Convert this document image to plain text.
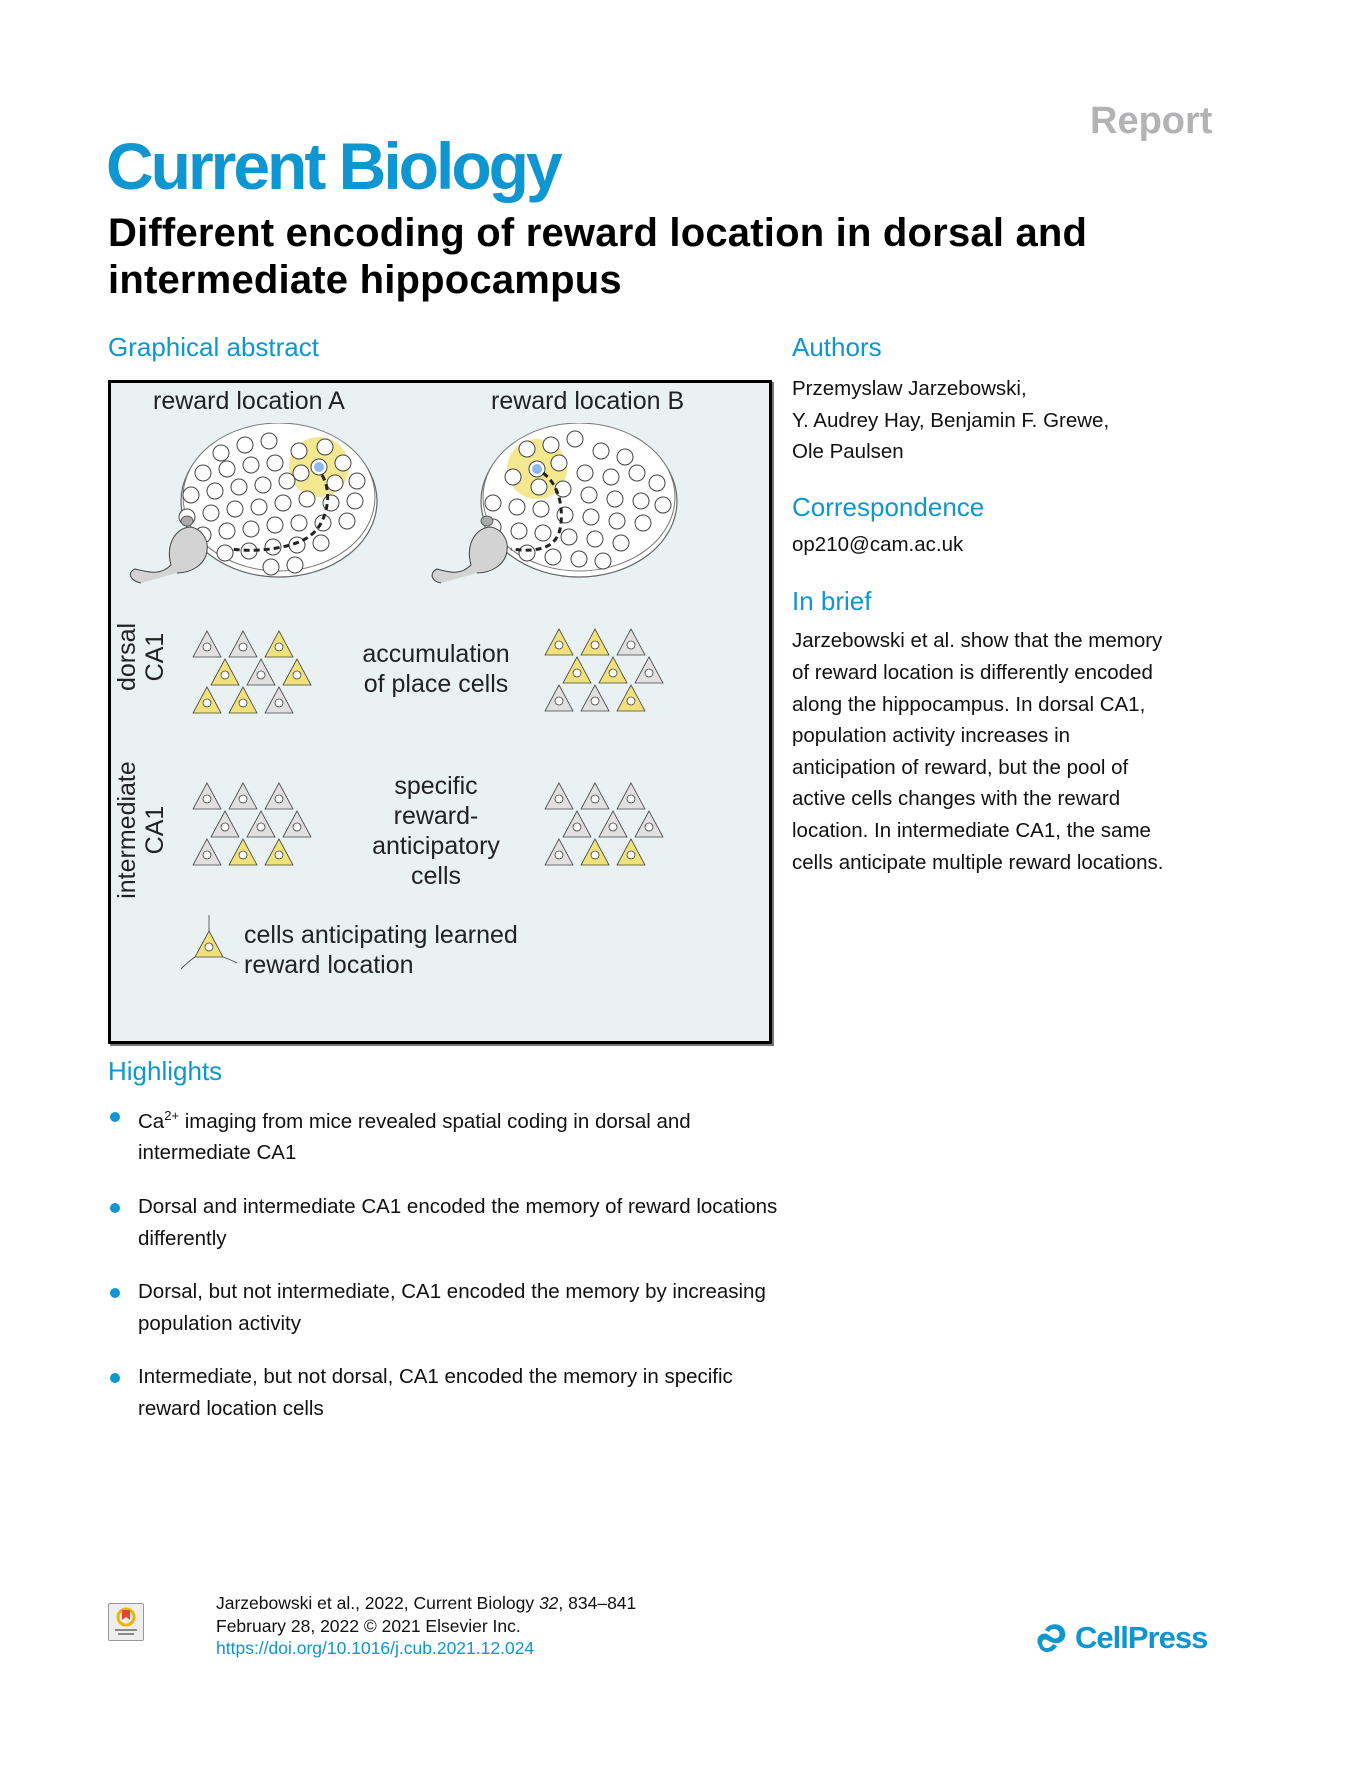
Report
Current Biology
Different encoding of reward location in dorsal and intermediate hippocampus
Graphical abstract
reward location A	reward location B
dorsal CA1
intermediate CA1
accumulation
of place cells
specific
reward-
anticipatory
cells
cells anticipating learned
reward location
Authors
Przemyslaw Jarzebowski,
Y. Audrey Hay, Benjamin F. Grewe,
Ole Paulsen
Correspondence
op210@cam.ac.uk
In brief
Jarzebowski et al. show that the memory
of reward location is differently encoded
along the hippocampus. In dorsal CA1,
population activity increases in
anticipation of reward, but the pool of
active cells changes with the reward
location. In intermediate CA1, the same
cells anticipate multiple reward locations.
Highlights
$Ca^{2+}$ imaging from mice revealed spatial coding in dorsal and intermediate CA1
Dorsal and intermediate CA1 encoded the memory of reward locations differently
Dorsal, but not intermediate, CA1 encoded the memory by increasing population activity
Intermediate, but not dorsal, CA1 encoded the memory in specific reward location cells
Jarzebowski et al., 2022, Current Biology 32, 834–841
February 28, 2022 © 2021 Elsevier Inc.
https://doi.org/10.1016/j.cub.2021.12.024	CellPress
